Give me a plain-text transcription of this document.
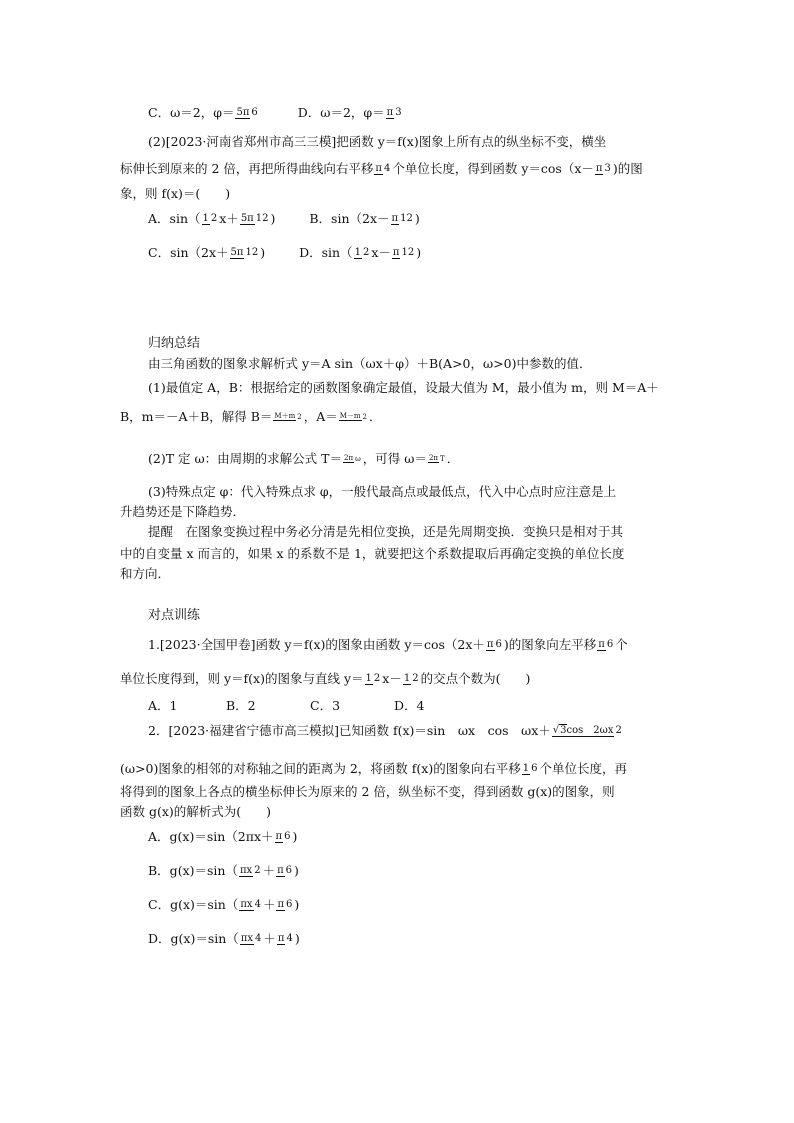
C．ω＝2，φ＝ 5π 6	D．ω＝2，φ＝ π 3
(2)[2023·河南省郑州市高三三模]把函数 y＝f(x)图象上所有点的纵坐标不变，横坐
标伸长到原来的 2 倍，再把所得曲线向右平移 π 4 个单位长度，得到函数 y＝cos（x－ π 3 )的图
象，则 f(x)＝(　　)
A．sin（ 1 2 x＋ 5π 12 )	B．sin（2x－ π 12 )
C．sin（2x＋ 5π 12 )	D．sin（ 1 2 x－ π 12 )
归纳总结
由三角函数的图象求解析式 y＝A sin（ωx＋φ）＋B(A>0，ω>0)中参数的值．
(1)最值定 A，B：根据给定的函数图象确定最值，设最大值为 M，最小值为 m，则 M＝A＋
B，m＝－A＋B，解得 B＝ M＋m 2 ，A＝ M－m 2 ．
(2)T 定 ω：由周期的求解公式 T＝ 2π ω ，可得 ω＝ 2π T ．
(3)特殊点定 φ：代入特殊点求 φ，一般代最高点或最低点，代入中心点时应注意是上
升趋势还是下降趋势．
提醒　在图象变换过程中务必分清是先相位变换，还是先周期变换．变换只是相对于其
中的自变量 x 而言的，如果 x 的系数不是 1，就要把这个系数提取后再确定变换的单位长度
和方向．
对点训练
1.[2023·全国甲卷]函数 y＝f(x)的图象由函数 y＝cos（2x＋ π 6 )的图象向左平移 π 6 个
单位长度得到，则 y＝f(x)的图象与直线 y＝ 1 2 x－ 1 2 的交点个数为(　　)
A．1	B．2	C．3	D．4
2．[2023·福建省宁德市高三模拟]已知函数 f(x)＝sin　ωx　cos　ωx＋ √3cos　2ωx 2
(ω>0)图象的相邻的对称轴之间的距离为 2，将函数 f(x)的图象向右平移 1 6 个单位长度，再
将得到的图象上各点的横坐标伸长为原来的 2 倍，纵坐标不变，得到函数 g(x)的图象，则
函数 g(x)的解析式为(　　)
A．g(x)＝sin（2πx＋ π 6 )
B．g(x)＝sin（ πx 2 ＋ π 6 )
C．g(x)＝sin（ πx 4 ＋ π 6 )
D．g(x)＝sin（ πx 4 ＋ π 4 )
